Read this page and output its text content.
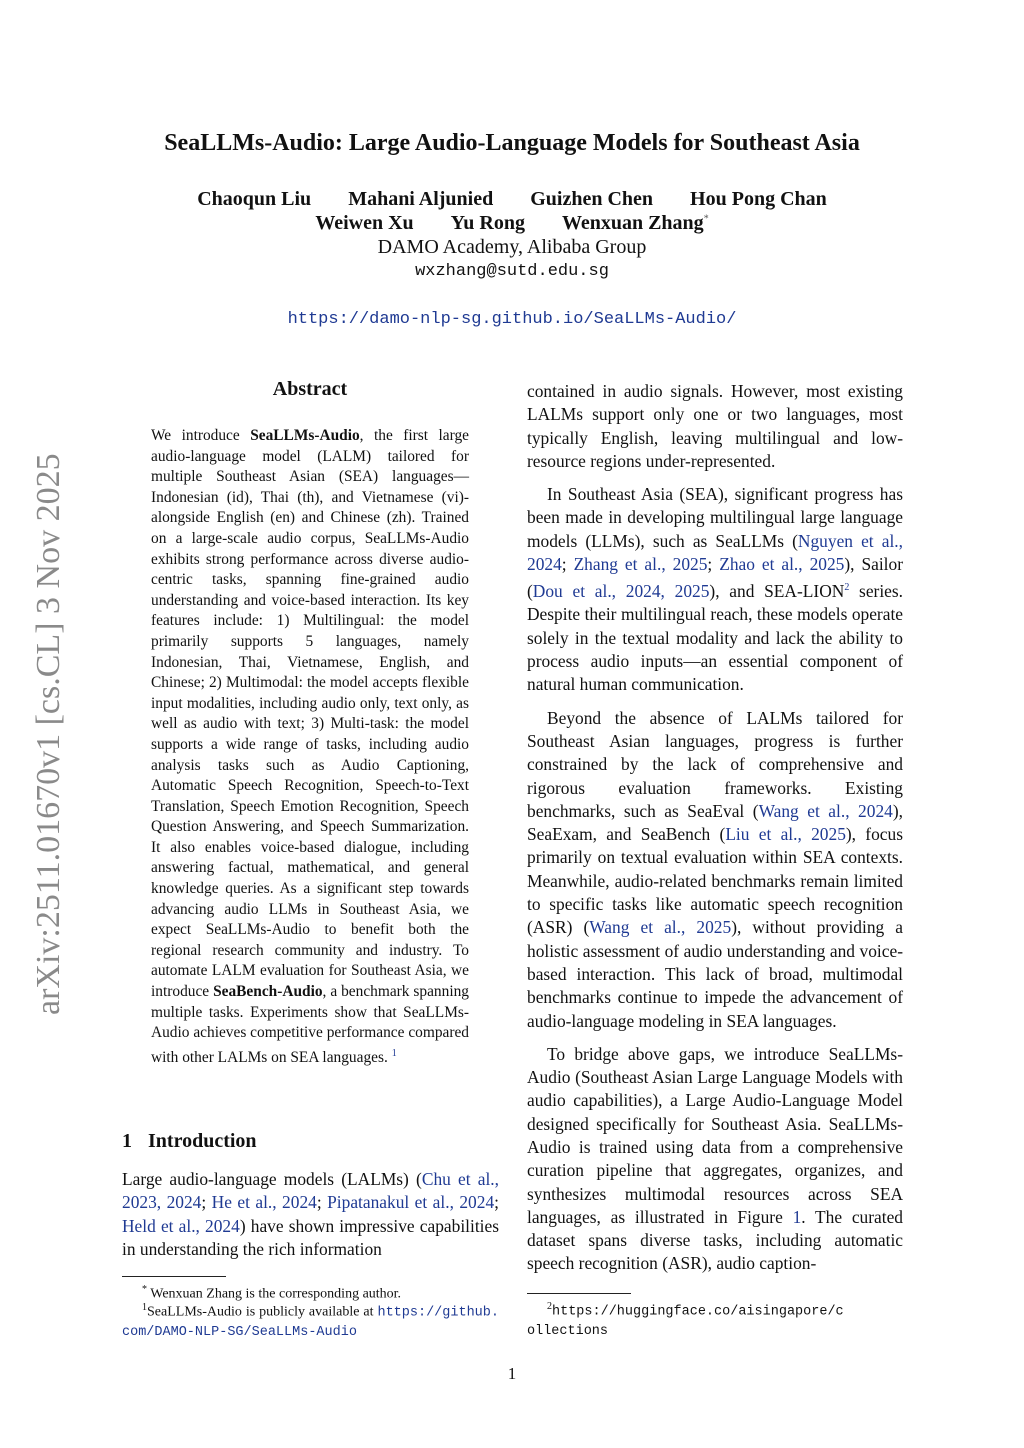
SeaLLMs-Audio: Large Audio-Language Models for Southeast Asia
Chaoqun Liu Mahani Aljunied Guizhen Chen Hou Pong Chan
Weiwen Xu Yu Rong Wenxuan Zhang*
DAMO Academy, Alibaba Group
wxzhang@sutd.edu.sg
https://damo-nlp-sg.github.io/SeaLLMs-Audio/
arXiv:2511.01670v1 [cs.CL] 3 Nov 2025
Abstract
We introduce SeaLLMs-Audio, the first large audio-language model (LALM) tailored for multiple Southeast Asian (SEA) languages—Indonesian (id), Thai (th), and Vietnamese (vi)-alongside English (en) and Chinese (zh). Trained on a large-scale audio corpus, SeaLLMs-Audio exhibits strong performance across diverse audio-centric tasks, spanning fine-grained audio understanding and voice-based interaction. Its key features include: 1) Multilingual: the model primarily supports 5 languages, namely Indonesian, Thai, Vietnamese, English, and Chinese; 2) Multimodal: the model accepts flexible input modalities, including audio only, text only, as well as audio with text; 3) Multi-task: the model supports a wide range of tasks, including audio analysis tasks such as Audio Captioning, Automatic Speech Recognition, Speech-to-Text Translation, Speech Emotion Recognition, Speech Question Answering, and Speech Summarization. It also enables voice-based dialogue, including answering factual, mathematical, and general knowledge queries. As a significant step towards advancing audio LLMs in Southeast Asia, we expect SeaLLMs-Audio to benefit both the regional research community and industry. To automate LALM evaluation for Southeast Asia, we introduce SeaBench-Audio, a benchmark spanning multiple tasks. Experiments show that SeaLLMs-Audio achieves competitive performance compared with other LALMs on SEA languages. $^1$
1 Introduction
Large audio-language models (LALMs) (Chu et al., 2023, 2024; He et al., 2024; Pipatanakul et al., 2024; Held et al., 2024) have shown impressive capabilities in understanding the rich information
* Wenxuan Zhang is the corresponding author.
$^1$SeaLLMs-Audio is publicly available at https://github.com/DAMO-NLP-SG/SeaLLMs-Audio

contained in audio signals. However, most existing LALMs support only one or two languages, most typically English, leaving multilingual and low-resource regions under-represented.

In Southeast Asia (SEA), significant progress has been made in developing multilingual large language models (LLMs), such as SeaLLMs (Nguyen et al., 2024; Zhang et al., 2025; Zhao et al., 2025), Sailor (Dou et al., 2024, 2025), and SEA-LION$^2$ series. Despite their multilingual reach, these models operate solely in the textual modality and lack the ability to process audio inputs—an essential component of natural human communication.

Beyond the absence of LALMs tailored for Southeast Asian languages, progress is further constrained by the lack of comprehensive and rigorous evaluation frameworks. Existing benchmarks, such as SeaEval (Wang et al., 2024), SeaExam, and SeaBench (Liu et al., 2025), focus primarily on textual evaluation within SEA contexts. Meanwhile, audio-related benchmarks remain limited to specific tasks like automatic speech recognition (ASR) (Wang et al., 2025), without providing a holistic assessment of audio understanding and voice-based interaction. This lack of broad, multimodal benchmarks continue to impede the advancement of audio-language modeling in SEA languages.

To bridge above gaps, we introduce SeaLLMs-Audio (Southeast Asian Large Language Models with audio capabilities), a Large Audio-Language Model designed specifically for Southeast Asia. SeaLLMs-Audio is trained using data from a comprehensive curation pipeline that aggregates, organizes, and synthesizes multimodal resources across SEA languages, as illustrated in Figure 1. The curated dataset spans diverse tasks, including automatic speech recognition (ASR), audio caption-

$^2$https://huggingface.co/aisingapore/collections
1
